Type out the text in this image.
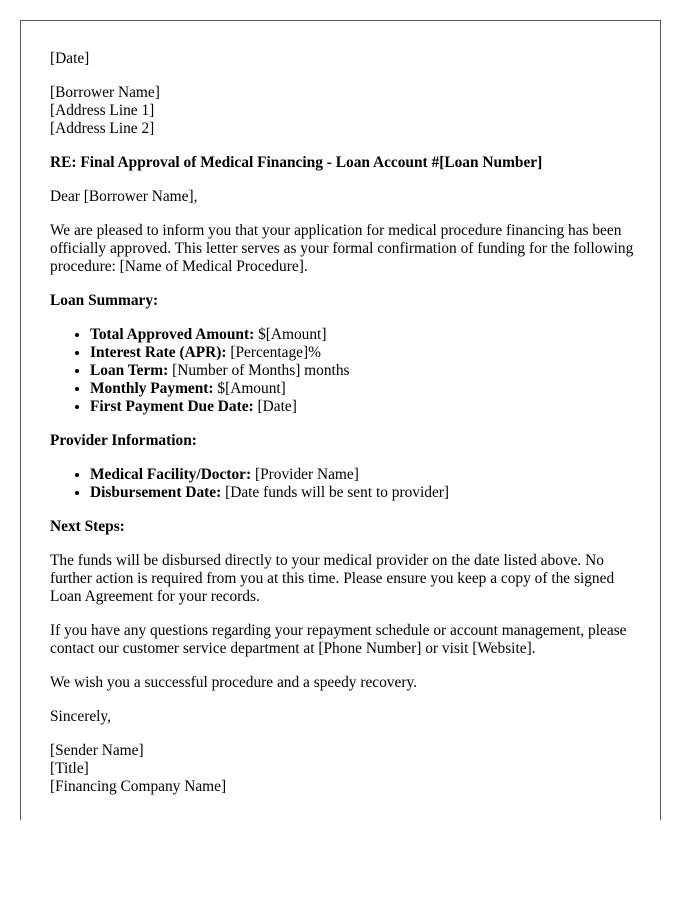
[Date]
[Borrower Name]
[Address Line 1]
[Address Line 2]
RE: Final Approval of Medical Financing - Loan Account #[Loan Number]

Dear [Borrower Name],

We are pleased to inform you that your application for medical procedure financing has been officially approved. This letter serves as your formal confirmation of funding for the following procedure: [Name of Medical Procedure].

Loan Summary:
• Total Approved Amount: $[Amount]
• Interest Rate (APR): [Percentage]%
• Loan Term: [Number of Months] months
• Monthly Payment: $[Amount]
• First Payment Due Date: [Date]
Provider Information:
• Medical Facility/Doctor: [Provider Name]
• Disbursement Date: [Date funds will be sent to provider]
Next Steps:

The funds will be disbursed directly to your medical provider on the date listed above. No further action is required from you at this time. Please ensure you keep a copy of the signed Loan Agreement for your records.

If you have any questions regarding your repayment schedule or account management, please contact our customer service department at [Phone Number] or visit [Website].

We wish you a successful procedure and a speedy recovery.

Sincerely,

[Sender Name]
[Title]
[Financing Company Name]
